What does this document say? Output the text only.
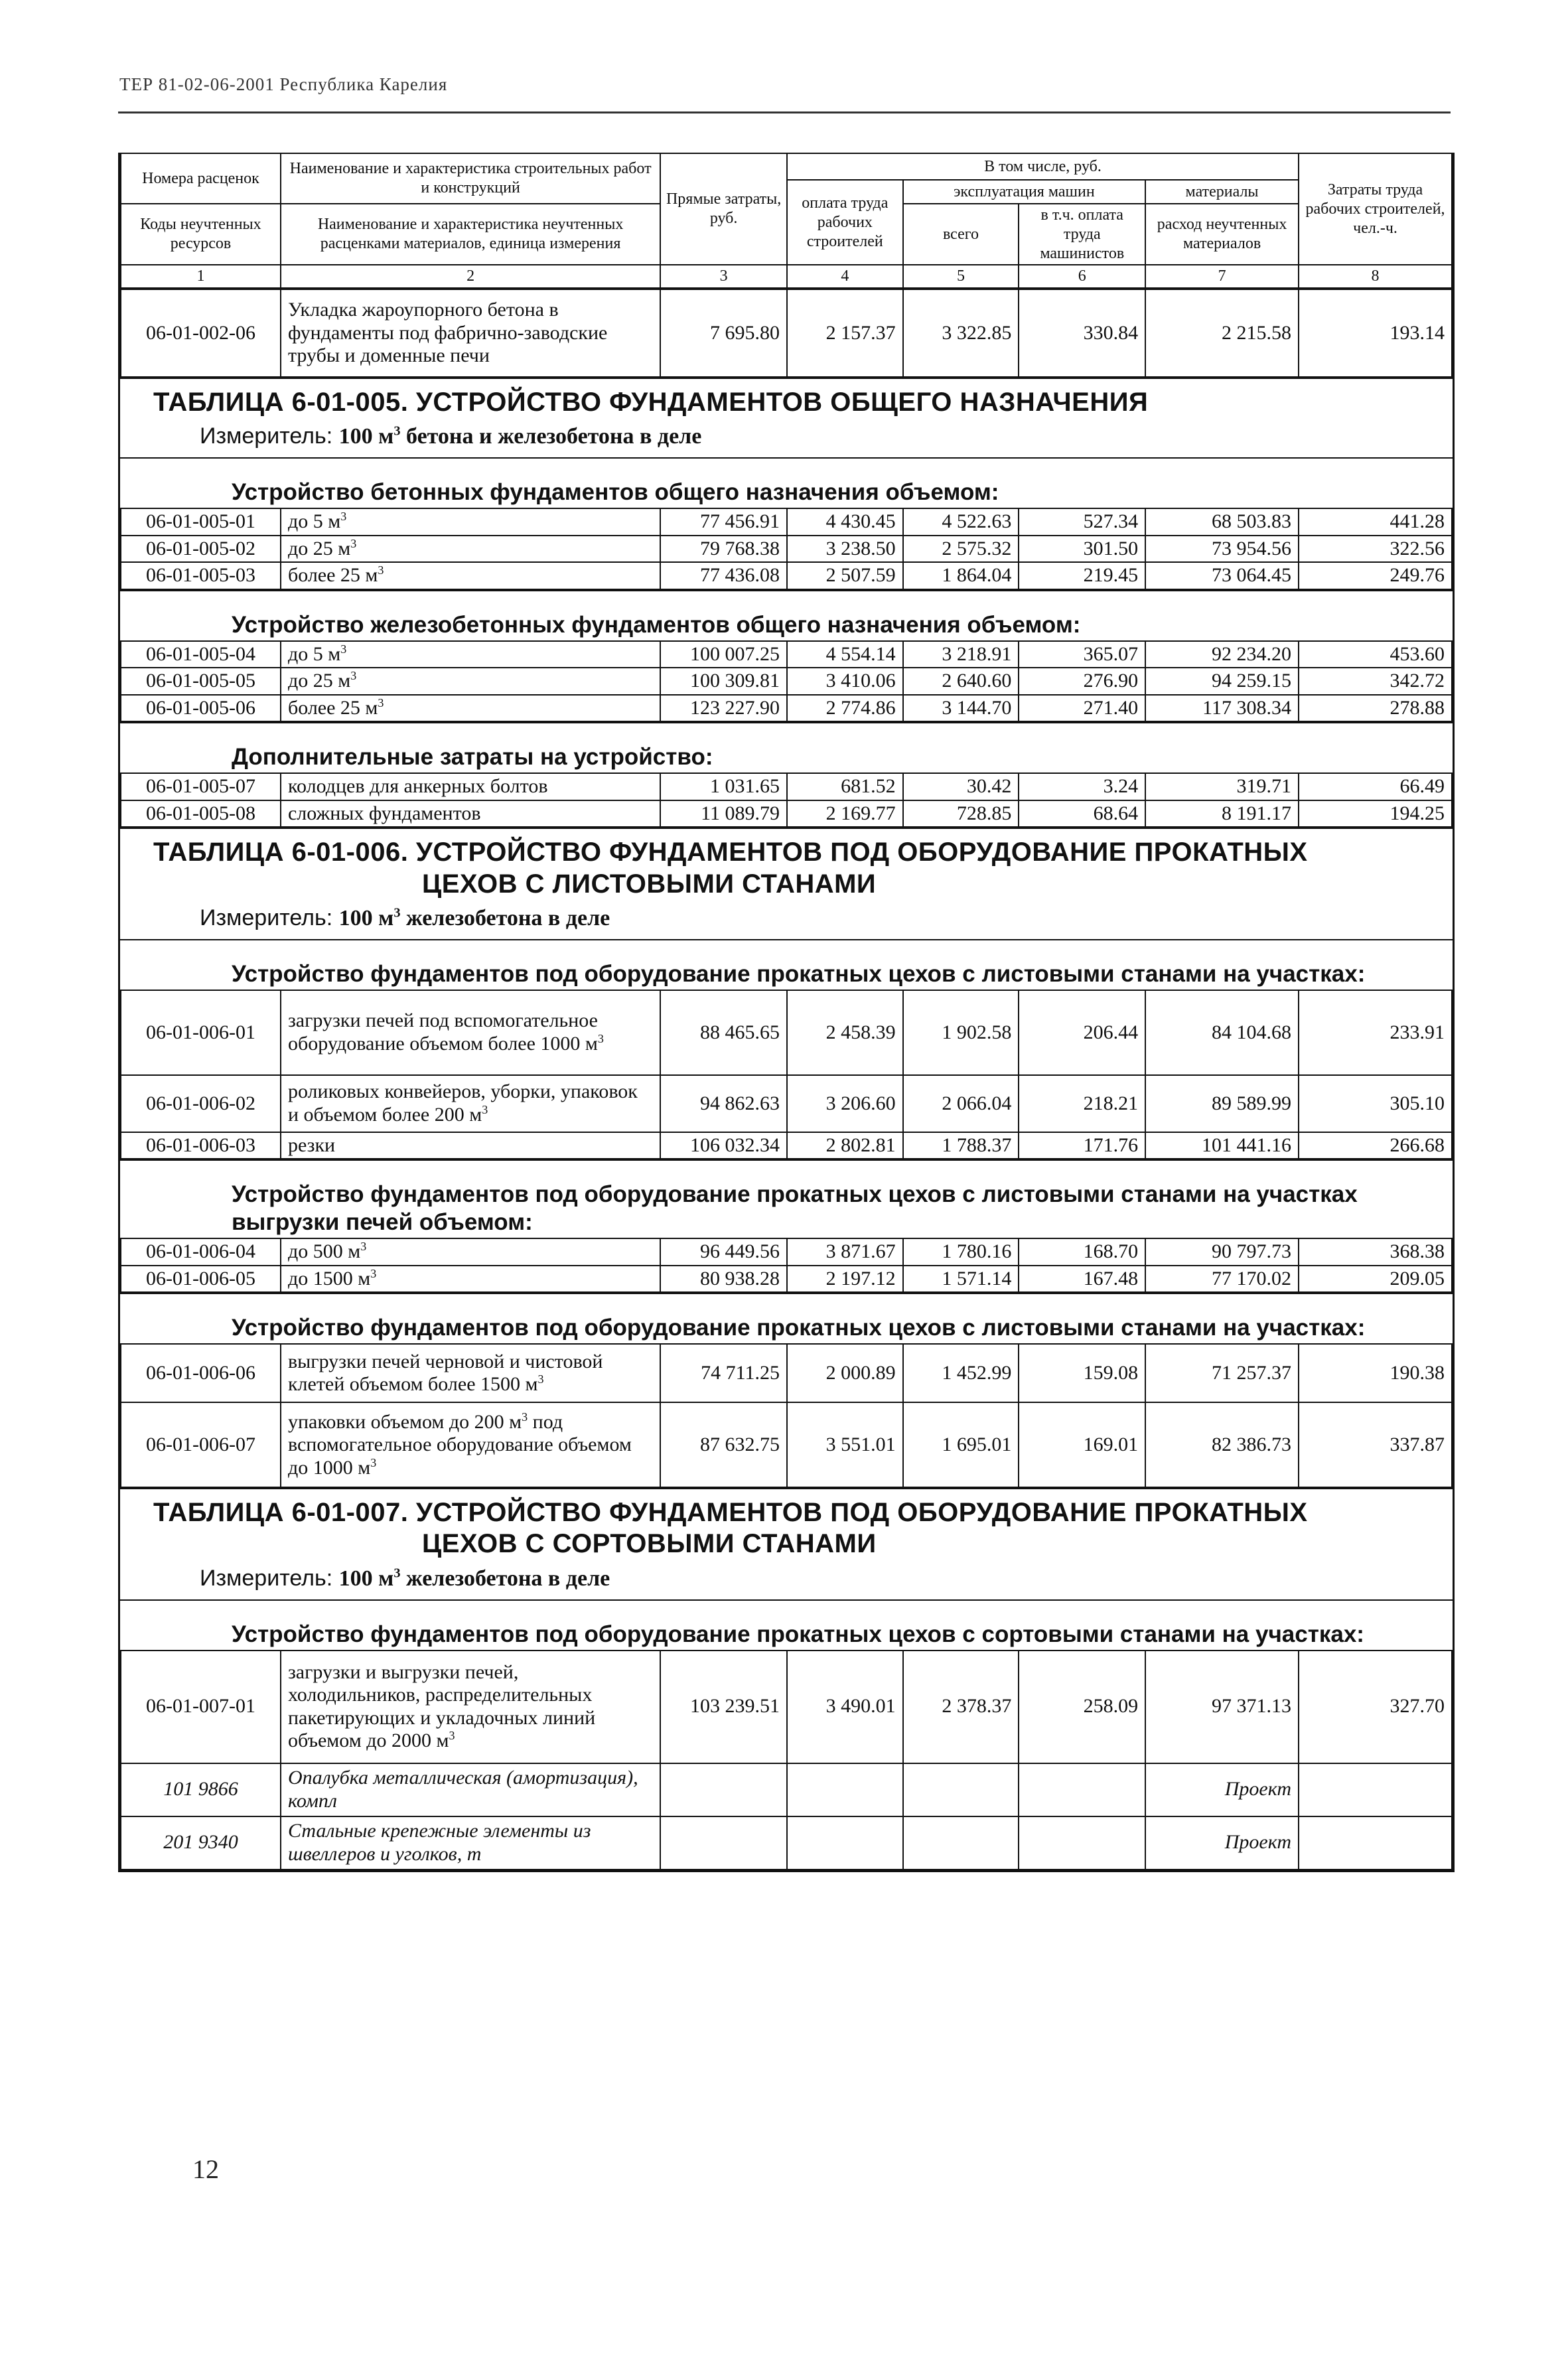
ТЕР 81-02-06-2001 Республика Карелия
Номера расценок	Наименование и характеристика строительных работ и конструкций	Прямые затраты, руб.	В том числе, руб.				Затраты труда рабочих строителей, чел.-ч.
			оплата труда рабочих строителей	эксплуатация машин		материалы	
Коды неучтенных ресурсов	Наименование и характеристика неучтенных расценками материалов, единица измерения			всего	в т.ч. оплата труда машинистов	расход неучтенных материалов	

1	2	3	4	5	6	7	8
06-01-002-06	Укладка жароупорного бетона в фундаменты под фабрично-заводские трубы и доменные печи	7 695.80	2 157.37	3 322.85	330.84	2 215.58	193.14
ТАБЛИЦА 6-01-005. УСТРОЙСТВО ФУНДАМЕНТОВ ОБЩЕГО НАЗНАЧЕНИЯ
Измеритель: 100 $м^3$ бетона и железобетона в деле
Устройство бетонных фундаментов общего назначения объемом:
06-01-005-01	до 5 $м^3$	77 456.91	4 430.45	4 522.63	527.34	68 503.83	441.28
06-01-005-02	до 25 $м^3$	79 768.38	3 238.50	2 575.32	301.50	73 954.56	322.56
06-01-005-03	более 25 $м^3$	77 436.08	2 507.59	1 864.04	219.45	73 064.45	249.76
Устройство железобетонных фундаментов общего назначения объемом:
06-01-005-04	до 5 $м^3$	100 007.25	4 554.14	3 218.91	365.07	92 234.20	453.60
06-01-005-05	до 25 $м^3$	100 309.81	3 410.06	2 640.60	276.90	94 259.15	342.72
06-01-005-06	более 25 $м^3$	123 227.90	2 774.86	3 144.70	271.40	117 308.34	278.88
Дополнительные затраты на устройство:
06-01-005-07	колодцев для анкерных болтов	1 031.65	681.52	30.42	3.24	319.71	66.49
06-01-005-08	сложных фундаментов	11 089.79	2 169.77	728.85	68.64	8 191.17	194.25
ТАБЛИЦА 6-01-006. УСТРОЙСТВО ФУНДАМЕНТОВ ПОД ОБОРУДОВАНИЕ ПРОКАТНЫХ
ЦЕХОВ С ЛИСТОВЫМИ СТАНАМИ
Измеритель: 100 $м^3$ железобетона в деле
Устройство фундаментов под оборудование прокатных цехов с листовыми станами на участках:
06-01-006-01	загрузки печей под вспомогательное оборудование объемом более 1000 $м^3$	88 465.65	2 458.39	1 902.58	206.44	84 104.68	233.91
06-01-006-02	роликовых конвейеров, уборки, упаковок и объемом более 200 $м^3$	94 862.63	3 206.60	2 066.04	218.21	89 589.99	305.10
06-01-006-03	резки	106 032.34	2 802.81	1 788.37	171.76	101 441.16	266.68
Устройство фундаментов под оборудование прокатных цехов с листовыми станами на участках выгрузки печей объемом:
06-01-006-04	до 500 $м^3$	96 449.56	3 871.67	1 780.16	168.70	90 797.73	368.38
06-01-006-05	до 1500 $м^3$	80 938.28	2 197.12	1 571.14	167.48	77 170.02	209.05
Устройство фундаментов под оборудование прокатных цехов с листовыми станами на участках:
06-01-006-06	выгрузки печей черновой и чистовой клетей объемом более 1500 $м^3$	74 711.25	2 000.89	1 452.99	159.08	71 257.37	190.38
06-01-006-07	упаковки объемом до 200 $м^3$ под вспомогательное оборудование объемом до 1000 $м^3$	87 632.75	3 551.01	1 695.01	169.01	82 386.73	337.87
ТАБЛИЦА 6-01-007. УСТРОЙСТВО ФУНДАМЕНТОВ ПОД ОБОРУДОВАНИЕ ПРОКАТНЫХ
ЦЕХОВ С СОРТОВЫМИ СТАНАМИ
Измеритель: 100 $м^3$ железобетона в деле
Устройство фундаментов под оборудование прокатных цехов с сортовыми станами на участках:
06-01-007-01	загрузки и выгрузки печей, холодильников, распределительных пакетирующих и укладочных линий объемом до 2000 $м^3$	103 239.51	3 490.01	2 378.37	258.09	97 371.13	327.70
101 9866	Опалубка металлическая (амортизация), компл					Проект	
201 9340	Стальные крепежные элементы из швеллеров и уголков, т					Проект	
12
